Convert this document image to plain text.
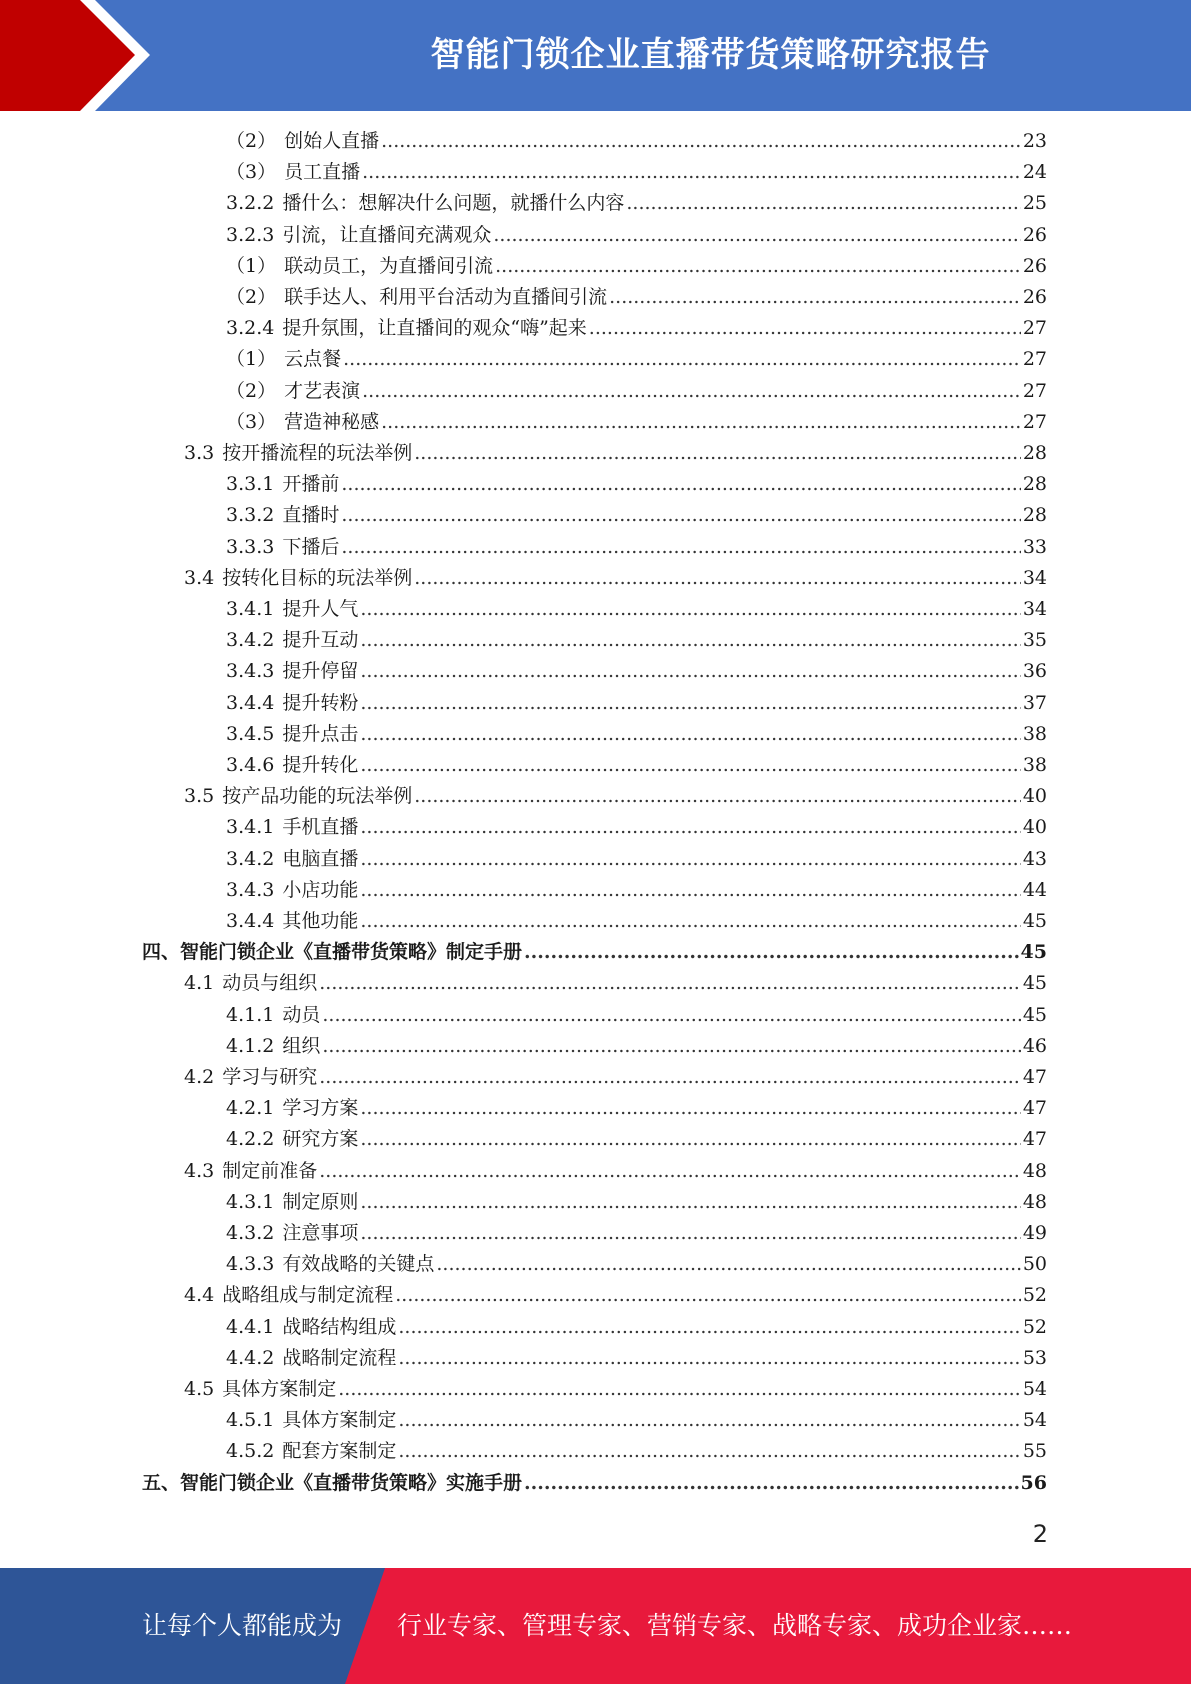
智能门锁企业直播带货策略研究报告
（2） 创始人直播 .....	23
（3） 员工直播 .....	24
3.2.2 播什么：想解决什么问题，就播什么内容 .....	25
3.2.3 引流，让直播间充满观众 .....	26
（1） 联动员工，为直播间引流 .....	26
（2） 联手达人、利用平台活动为直播间引流 .....	26
3.2.4 提升氛围，让直播间的观众“嗨”起来 .....	27
（1） 云点餐 .....	27
（2） 才艺表演 .....	27
（3） 营造神秘感 .....	27
3.3 按开播流程的玩法举例 .....	28
3.3.1 开播前 .....	28
3.3.2 直播时 .....	28
3.3.3 下播后 .....	33
3.4 按转化目标的玩法举例 .....	34
3.4.1 提升人气 .....	34
3.4.2 提升互动 .....	35
3.4.3 提升停留 .....	36
3.4.4 提升转粉 .....	37
3.4.5 提升点击 .....	38
3.4.6 提升转化 .....	38
3.5 按产品功能的玩法举例 .....	40
3.4.1 手机直播 .....	40
3.4.2 电脑直播 .....	43
3.4.3 小店功能 .....	44
3.4.4 其他功能 .....	45
四、智能门锁企业《直播带货策略》制定手册 .....	45
4.1 动员与组织 .....	45
4.1.1 动员 .....	45
4.1.2 组织 .....	46
4.2 学习与研究 .....	47
4.2.1 学习方案 .....	47
4.2.2 研究方案 .....	47
4.3 制定前准备 .....	48
4.3.1 制定原则 .....	48
4.3.2 注意事项 .....	49
4.3.3 有效战略的关键点 .....	50
4.4 战略组成与制定流程 .....	52
4.4.1 战略结构组成 .....	52
4.4.2 战略制定流程 .....	53
4.5 具体方案制定 .....	54
4.5.1 具体方案制定 .....	54
4.5.2 配套方案制定 .....	55
五、智能门锁企业《直播带货策略》实施手册 .....	56
2
让每个人都能成为 行业专家、管理专家、营销专家、战略专家、成功企业家……
